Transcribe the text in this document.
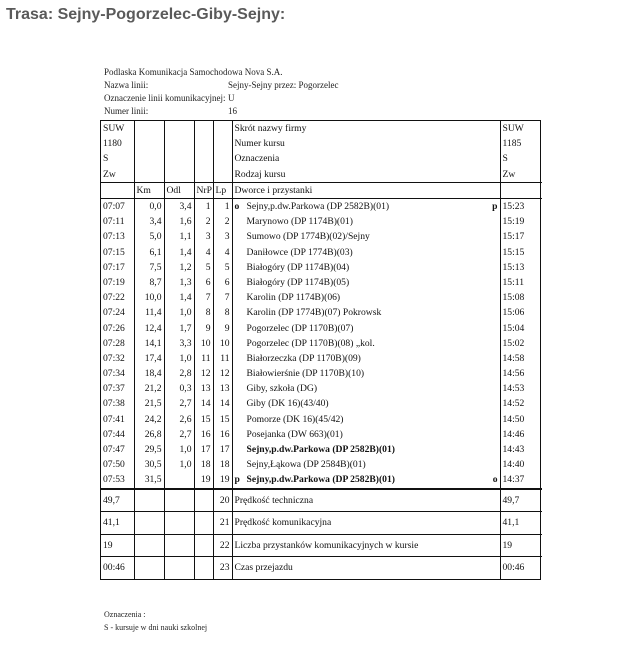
Trasa: Sejny-Pogorzelec-Giby-Sejny:
Podlaska Komunikacja Samochodowa Nova S.A.
Nazwa linii:	Sejny-Sejny przez: Pogorzelec
Oznaczenie linii komunikacyjnej: U
Numer linii:	16
SUW					Skrót nazwy firmy	SUW
1180					Numer kursu	1185
S					Oznaczenia	S
Zw					Rodzaj kursu	Zw
	Km	Odl	NrP	Lp	Dworce i przystanki	
07:07	0,0	3,4	1	1	o Sejny,p.dw.Parkowa (DP 2582B)(01) p	15:23
07:11	3,4	1,6	2	2	Marynowo (DP 1174B)(01)	15:19
07:13	5,0	1,1	3	3	Sumowo (DP 1774B)(02)/Sejny	15:17
07:15	6,1	1,4	4	4	Daniłowce (DP 1774B)(03)	15:15
07:17	7,5	1,2	5	5	Białogóry (DP 1174B)(04)	15:13
07:19	8,7	1,3	6	6	Białogóry (DP 1174B)(05)	15:11
07:22	10,0	1,4	7	7	Karolin (DP 1174B)(06)	15:08
07:24	11,4	1,0	8	8	Karolin (DP 1774B)(07) Pokrowsk	15:06
07:26	12,4	1,7	9	9	Pogorzelec (DP 1170B)(07)	15:04
07:28	14,1	3,3	10	10	Pogorzelec (DP 1170B)(08) „kol.	15:02
07:32	17,4	1,0	11	11	Białorzeczka (DP 1170B)(09)	14:58
07:34	18,4	2,8	12	12	Białowierśnie (DP 1170B)(10)	14:56
07:37	21,2	0,3	13	13	Giby, szkoła (DG)	14:53
07:38	21,5	2,7	14	14	Giby (DK 16)(43/40)	14:52
07:41	24,2	2,6	15	15	Pomorze (DK 16)(45/42)	14:50
07:44	26,8	2,7	16	16	Posejanka (DW 663)(01)	14:46
07:47	29,5	1,0	17	17	Sejny,p.dw.Parkowa (DP 2582B)(01)	14:43
07:50	30,5	1,0	18	18	Sejny,Łąkowa (DP 2584B)(01)	14:40
07:53	31,5		19	19	p Sejny,p.dw.Parkowa (DP 2582B)(01) o	14:37
49,7				20	Prędkość techniczna	49,7
41,1				21	Prędkość komunikacyjna	41,1
19				22	Liczba przystanków komunikacyjnych w kursie	19
00:46				23	Czas przejazdu	00:46
Oznaczenia :
S - kursuje w dni nauki szkolnej
